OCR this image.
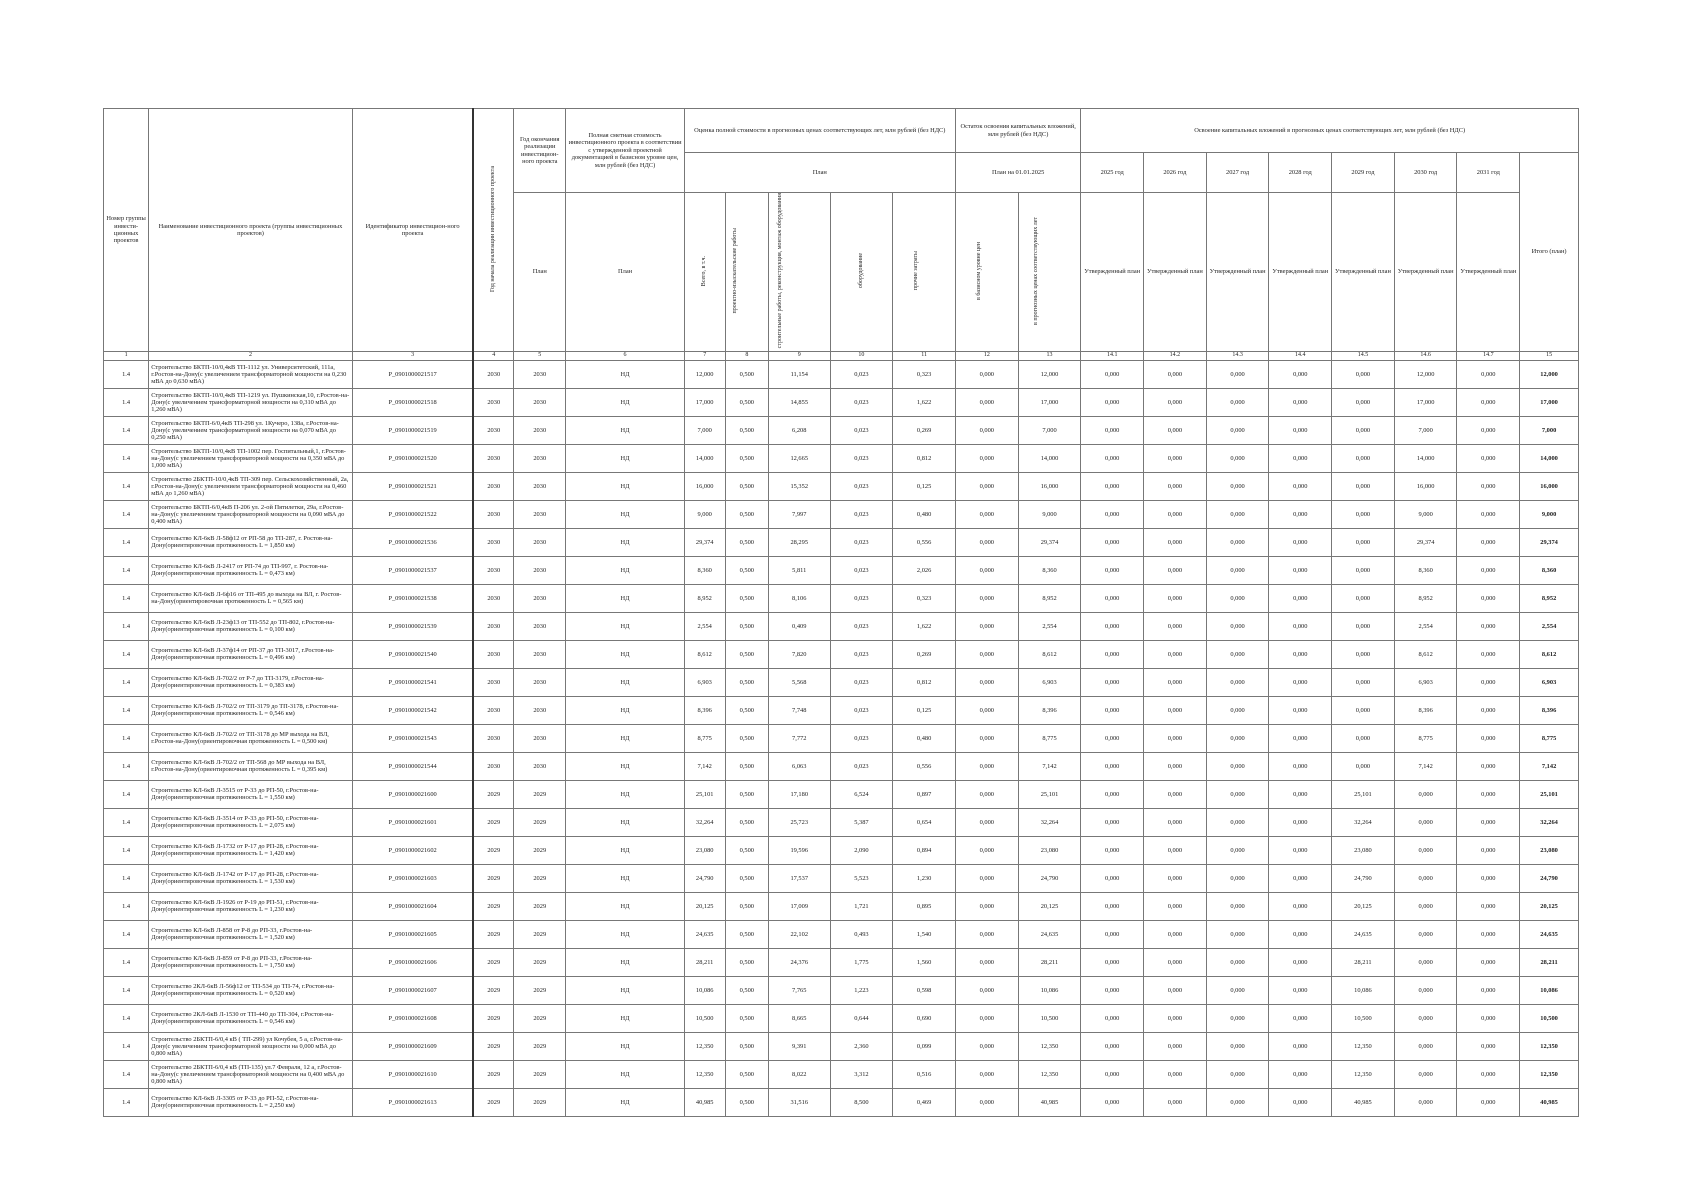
Номер группы инвести-ционных проектов	Наименование инвестиционного проекта (группы инвестиционных проектов)	Идентификатор инвестицион-ного проекта	Год начала реализации инвестиционного проекта	Год окончания реализации инвестицион-ного проекта	Полная сметная стоимость инвестиционного проекта в соответствии с утвержденной проектной документацией в базисном уровне цен, млн рублей (без НДС)	Оценка полной стоимости в прогнозных ценах соответствующих лет, млн рублей (без НДС)					Остаток освоения капитальных вложений, млн рублей (без НДС)		Освоение капитальных вложений в прогнозных ценах соответствующих лет, млн рублей (без НДС)							
						План					План на 01.01.2025		2025 год	2026 год	2027 год	2028 год	2029 год	2030 год	2031 год	Итого (план)
				План	План	Всего, в т.ч.	проектно-изыскательские работы	строительные работы, реконструкция, монтаж оборудования	оборудование	прочие затраты	в базисном уровне цен	в прогнозных ценах соответствующих лет	Утвержденный план	Утвержденный план	Утвержденный план	Утвержденный план	Утвержденный план	Утвержденный план	Утвержденный план	
1	2	3	4	5	6	7	8	9	10	11	12	13	14.1	14.2	14.3	14.4	14.5	14.6	14.7	15
1.4	Строительство БКТП-10/0,4кВ ТП-1112 ул. Университетский, 111а, г.Ростов-на-Дону(с увеличением трансформаторной мощности на 0,230 мВА до 0,630 мВА)	P_0901000021517	2030	2030	НД	12,000	0,500	11,154	0,023	0,323	0,000	12,000	0,000	0,000	0,000	0,000	0,000	12,000	0,000	12,000
1.4	Строительство БКТП-10/0,4кВ ТП-1219 ул. Пушкинская,10, г.Ростов-на-Дону(с увеличением трансформаторной мощности на 0,310 мВА до 1,260 мВА)	P_0901000021518	2030	2030	НД	17,000	0,500	14,855	0,023	1,622	0,000	17,000	0,000	0,000	0,000	0,000	0,000	17,000	0,000	17,000
1.4	Строительство БКТП-6/0,4кВ ТП-298 ул. 1Кучеро, 138а, г.Ростов-на-Дону(с увеличением трансформаторной мощности на 0,070 мВА до 0,250 мВА)	P_0901000021519	2030	2030	НД	7,000	0,500	6,208	0,023	0,269	0,000	7,000	0,000	0,000	0,000	0,000	0,000	7,000	0,000	7,000
1.4	Строительство БКТП-10/0,4кВ ТП-1002 пер. Госпитальный,1, г.Ростов-на-Дону(с увеличением трансформаторной мощности на 0,350 мВА до 1,000 мВА)	P_0901000021520	2030	2030	НД	14,000	0,500	12,665	0,023	0,812	0,000	14,000	0,000	0,000	0,000	0,000	0,000	14,000	0,000	14,000
1.4	Строительство 2БКТП-10/0,4кВ ТП-309 пер. Сельскохозяйственный, 2а, г.Ростов-на-Дону(с увеличением трансформаторной мощности на 0,460 мВА до 1,260 мВА)	P_0901000021521	2030	2030	НД	16,000	0,500	15,352	0,023	0,125	0,000	16,000	0,000	0,000	0,000	0,000	0,000	16,000	0,000	16,000
1.4	Строительство БКТП-6/0,4кВ П-206 ул. 2-ой Пятилетки, 29а, г.Ростов-на-Дону(с увеличением трансформаторной мощности на 0,090 мВА до 0,400 мВА)	P_0901000021522	2030	2030	НД	9,000	0,500	7,997	0,023	0,480	0,000	9,000	0,000	0,000	0,000	0,000	0,000	9,000	0,000	9,000
1.4	Строительство КЛ-6кВ Л-58ф12 от РП-58 до ТП-287, г. Ростов-на-Дону(ориентировочная протяженность L = 1,850 км)	P_0901000021536	2030	2030	НД	29,374	0,500	28,295	0,023	0,556	0,000	29,374	0,000	0,000	0,000	0,000	0,000	29,374	0,000	29,374
1.4	Строительство КЛ-6кВ Л-2417 от РП-74 до ТП-997, г. Ростов-на-Дону(ориентировочная протяженность L = 0,473 км)	P_0901000021537	2030	2030	НД	8,360	0,500	5,811	0,023	2,026	0,000	8,360	0,000	0,000	0,000	0,000	0,000	8,360	0,000	8,360
1.4	Строительство КЛ-6кВ Л-6ф16 от ТП-495 до выхода на ВЛ, г. Ростов-на-Дону(ориентировочная протяженность L = 0,565 км)	P_0901000021538	2030	2030	НД	8,952	0,500	8,106	0,023	0,323	0,000	8,952	0,000	0,000	0,000	0,000	0,000	8,952	0,000	8,952
1.4	Строительство КЛ-6кВ Л-23ф13 от ТП-552 до ТП-802, г.Ростов-на-Дону(ориентировочная протяженность L = 0,100 км)	P_0901000021539	2030	2030	НД	2,554	0,500	0,409	0,023	1,622	0,000	2,554	0,000	0,000	0,000	0,000	0,000	2,554	0,000	2,554
1.4	Строительство КЛ-6кВ Л-37ф14 от РП-37 до ТП-3017, г.Ростов-на-Дону(ориентировочная протяженность L = 0,496 км)	P_0901000021540	2030	2030	НД	8,612	0,500	7,820	0,023	0,269	0,000	8,612	0,000	0,000	0,000	0,000	0,000	8,612	0,000	8,612
1.4	Строительство КЛ-6кВ Л-702/2 от Р-7 до ТП-3179, г.Ростов-на-Дону(ориентировочная протяженность L = 0,383 км)	P_0901000021541	2030	2030	НД	6,903	0,500	5,568	0,023	0,812	0,000	6,903	0,000	0,000	0,000	0,000	0,000	6,903	0,000	6,903
1.4	Строительство КЛ-6кВ Л-702/2 от ТП-3179 до ТП-3178, г.Ростов-на-Дону(ориентировочная протяженность L = 0,546 км)	P_0901000021542	2030	2030	НД	8,396	0,500	7,748	0,023	0,125	0,000	8,396	0,000	0,000	0,000	0,000	0,000	8,396	0,000	8,396
1.4	Строительство КЛ-6кВ Л-702/2 от ТП-3178 до МР выхода на ВЛ, г.Ростов-на-Дону(ориентировочная протяженность L = 0,500 км)	P_0901000021543	2030	2030	НД	8,775	0,500	7,772	0,023	0,480	0,000	8,775	0,000	0,000	0,000	0,000	0,000	8,775	0,000	8,775
1.4	Строительство КЛ-6кВ Л-702/2 от ТП-568 до МР выхода на ВЛ, г.Ростов-на-Дону(ориентировочная протяженность L = 0,395 км)	P_0901000021544	2030	2030	НД	7,142	0,500	6,063	0,023	0,556	0,000	7,142	0,000	0,000	0,000	0,000	0,000	7,142	0,000	7,142
1.4	Строительство КЛ-6кВ Л-3515 от Р-33 до РП-50, г.Ростов-на-Дону(ориентировочная протяженность L = 1,550 км)	P_0901000021600	2029	2029	НД	25,101	0,500	17,180	6,524	0,897	0,000	25,101	0,000	0,000	0,000	0,000	25,101	0,000	0,000	25,101
1.4	Строительство КЛ-6кВ Л-3514 от Р-33 до РП-50, г.Ростов-на-Дону(ориентировочная протяженность L = 2,075 км)	P_0901000021601	2029	2029	НД	32,264	0,500	25,723	5,387	0,654	0,000	32,264	0,000	0,000	0,000	0,000	32,264	0,000	0,000	32,264
1.4	Строительство КЛ-6кВ Л-1732 от Р-17 до РП-28, г.Ростов-на-Дону(ориентировочная протяженность L = 1,420 км)	P_0901000021602	2029	2029	НД	23,080	0,500	19,596	2,090	0,894	0,000	23,080	0,000	0,000	0,000	0,000	23,080	0,000	0,000	23,080
1.4	Строительство КЛ-6кВ Л-1742 от Р-17 до РП-28, г.Ростов-на-Дону(ориентировочная протяженность L = 1,530 км)	P_0901000021603	2029	2029	НД	24,790	0,500	17,537	5,523	1,230	0,000	24,790	0,000	0,000	0,000	0,000	24,790	0,000	0,000	24,790
1.4	Строительство КЛ-6кВ Л-1926 от Р-19 до РП-51, г.Ростов-на-Дону(ориентировочная протяженность L = 1,230 км)	P_0901000021604	2029	2029	НД	20,125	0,500	17,009	1,721	0,895	0,000	20,125	0,000	0,000	0,000	0,000	20,125	0,000	0,000	20,125
1.4	Строительство КЛ-6кВ Л-858 от Р-8 до РП-33, г.Ростов-на-Дону(ориентировочная протяженность L = 1,520 км)	P_0901000021605	2029	2029	НД	24,635	0,500	22,102	0,493	1,540	0,000	24,635	0,000	0,000	0,000	0,000	24,635	0,000	0,000	24,635
1.4	Строительство КЛ-6кВ Л-859 от Р-8 до РП-33, г.Ростов-на-Дону(ориентировочная протяженность L = 1,750 км)	P_0901000021606	2029	2029	НД	28,211	0,500	24,376	1,775	1,560	0,000	28,211	0,000	0,000	0,000	0,000	28,211	0,000	0,000	28,211
1.4	Строительство 2КЛ-6кВ Л-56ф12 от ТП-534 до ТП-74, г.Ростов-на-Дону(ориентировочная протяженность L = 0,520 км)	P_0901000021607	2029	2029	НД	10,086	0,500	7,765	1,223	0,598	0,000	10,086	0,000	0,000	0,000	0,000	10,086	0,000	0,000	10,086
1.4	Строительство 2КЛ-6кВ Л-1530 от ТП-440 до ТП-304, г.Ростов-на-Дону(ориентировочная протяженность L = 0,546 км)	P_0901000021608	2029	2029	НД	10,500	0,500	8,665	0,644	0,690	0,000	10,500	0,000	0,000	0,000	0,000	10,500	0,000	0,000	10,500
1.4	Строительство 2БКТП-6/0,4 кВ ( ТП-299) ул Кочубея, 5 а, г.Ростов-на-Дону(с увеличением трансформаторной мощности на 0,000 мВА до 0,800 мВА)	P_0901000021609	2029	2029	НД	12,350	0,500	9,391	2,360	0,099	0,000	12,350	0,000	0,000	0,000	0,000	12,350	0,000	0,000	12,350
1.4	Строительство 2БКТП-6/0,4 кВ (ТП-135) ул.7 Февраля, 12 а, г.Ростов-на-Дону(с увеличением трансформаторной мощности на 0,400 мВА до 0,800 мВА)	P_0901000021610	2029	2029	НД	12,350	0,500	8,022	3,312	0,516	0,000	12,350	0,000	0,000	0,000	0,000	12,350	0,000	0,000	12,350
1.4	Строительство КЛ-6кВ Л-3305 от Р-33 до РП-52, г.Ростов-на-Дону(ориентировочная протяженность L = 2,250 км)	P_0901000021613	2029	2029	НД	40,985	0,500	31,516	8,500	0,469	0,000	40,985	0,000	0,000	0,000	0,000	40,985	0,000	0,000	40,985
